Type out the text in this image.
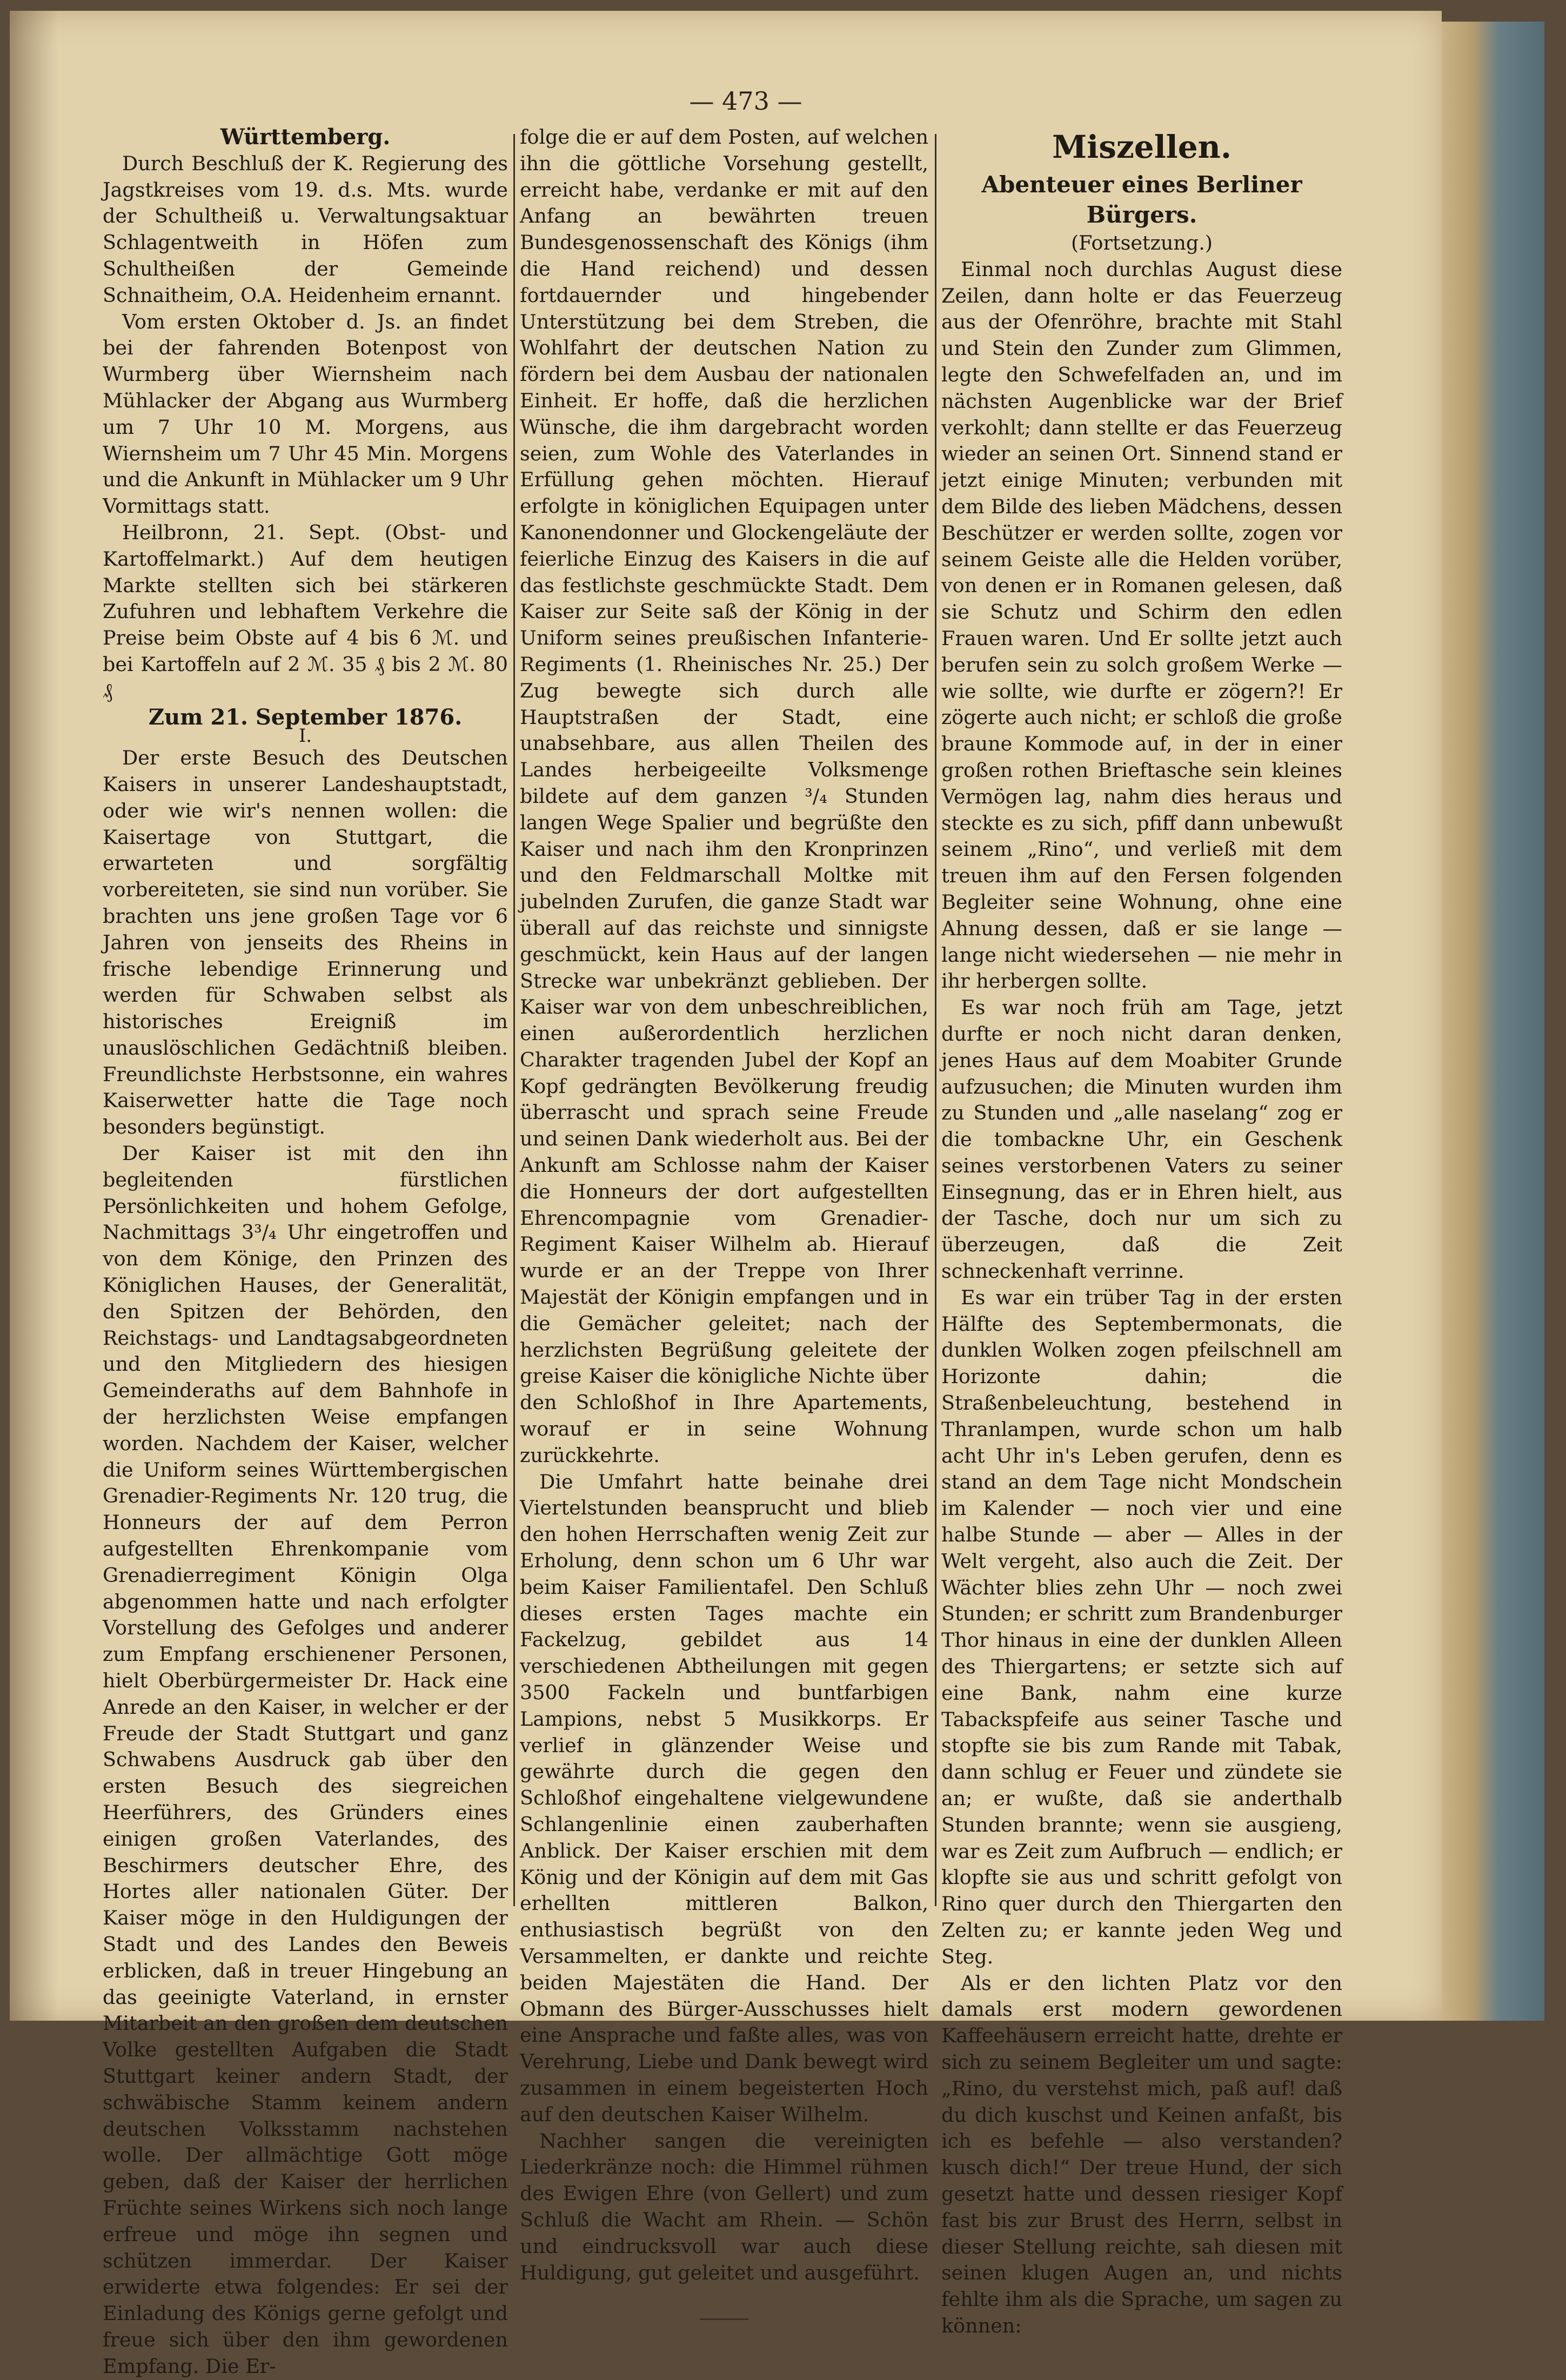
— 473 —

Württemberg.

Durch Beschluß der K. Regierung des Jagstkreises vom 19. d.s. Mts. wurde der Schultheiß u. Verwaltungsaktuar Schlagentweith in Höfen zum Schultheißen der Gemeinde Schnaitheim, O.A. Heidenheim ernannt.

Vom ersten Oktober d. Js. an findet bei der fahrenden Botenpost von Wurmberg über Wiernsheim nach Mühlacker der Abgang aus Wurmberg um 7 Uhr 10 M. Morgens, aus Wiernsheim um 7 Uhr 45 Min. Morgens und die Ankunft in Mühlacker um 9 Uhr Vormittags statt.

Heilbronn, 21. Sept. (Obst- und Kartoffelmarkt.) Auf dem heutigen Markte stellten sich bei stärkeren Zufuhren und lebhaftem Verkehre die Preise beim Obste auf 4 bis 6 ℳ. und bei Kartoffeln auf 2 ℳ. 35 ₰ bis 2 ℳ. 80 ₰

Zum 21. September 1876.

I.

Der erste Besuch des Deutschen Kaisers in unserer Landeshauptstadt, oder wie wir's nennen wollen: die Kaisertage von Stuttgart, die erwarteten und sorgfältig vorbereiteten, sie sind nun vorüber. Sie brachten uns jene großen Tage vor 6 Jahren von jenseits des Rheins in frische lebendige Erinnerung und werden für Schwaben selbst als historisches Ereigniß im unauslöschlichen Gedächtniß bleiben. Freundlichste Herbstsonne, ein wahres Kaiserwetter hatte die Tage noch besonders begünstigt.

Der Kaiser ist mit den ihn begleitenden fürstlichen Persönlichkeiten und hohem Gefolge, Nachmittags 3³/₄ Uhr eingetroffen und von dem Könige, den Prinzen des Königlichen Hauses, der Generalität, den Spitzen der Behörden, den Reichstags- und Landtagsabgeordneten und den Mitgliedern des hiesigen Gemeinderaths auf dem Bahnhofe in der herzlichsten Weise empfangen worden. Nachdem der Kaiser, welcher die Uniform seines Württembergischen Grenadier-Regiments Nr. 120 trug, die Honneurs der auf dem Perron aufgestellten Ehrenkompanie vom Grenadierregiment Königin Olga abgenommen hatte und nach erfolgter Vorstellung des Gefolges und anderer zum Empfang erschienener Personen, hielt Oberbürgermeister Dr. Hack eine Anrede an den Kaiser, in welcher er der Freude der Stadt Stuttgart und ganz Schwabens Ausdruck gab über den ersten Besuch des siegreichen Heerführers, des Gründers eines einigen großen Vaterlandes, des Beschirmers deutscher Ehre, des Hortes aller nationalen Güter. Der Kaiser möge in den Huldigungen der Stadt und des Landes den Beweis erblicken, daß in treuer Hingebung an das geeinigte Vaterland, in ernster Mitarbeit an den großen dem deutschen Volke gestellten Aufgaben die Stadt Stuttgart keiner andern Stadt, der schwäbische Stamm keinem andern deutschen Volksstamm nachstehen wolle. Der allmächtige Gott möge geben, daß der Kaiser der herrlichen Früchte seines Wirkens sich noch lange erfreue und möge ihn segnen und schützen immerdar. Der Kaiser erwiderte etwa folgendes: Er sei der Einladung des Königs gerne gefolgt und freue sich über den ihm gewordenen Empfang. Die Er-

folge die er auf dem Posten, auf welchen ihn die göttliche Vorsehung gestellt, erreicht habe, verdanke er mit auf den Anfang an bewährten treuen Bundesgenossenschaft des Königs (ihm die Hand reichend) und dessen fortdauernder und hingebender Unterstützung bei dem Streben, die Wohlfahrt der deutschen Nation zu fördern bei dem Ausbau der nationalen Einheit. Er hoffe, daß die herzlichen Wünsche, die ihm dargebracht worden seien, zum Wohle des Vaterlandes in Erfüllung gehen möchten. Hierauf erfolgte in königlichen Equipagen unter Kanonendonner und Glockengeläute der feierliche Einzug des Kaisers in die auf das festlichste geschmückte Stadt. Dem Kaiser zur Seite saß der König in der Uniform seines preußischen Infanterie-Regiments (1. Rheinisches Nr. 25.) Der Zug bewegte sich durch alle Hauptstraßen der Stadt, eine unabsehbare, aus allen Theilen des Landes herbeigeeilte Volksmenge bildete auf dem ganzen ³/₄ Stunden langen Wege Spalier und begrüßte den Kaiser und nach ihm den Kronprinzen und den Feldmarschall Moltke mit jubelnden Zurufen, die ganze Stadt war überall auf das reichste und sinnigste geschmückt, kein Haus auf der langen Strecke war unbekränzt geblieben. Der Kaiser war von dem unbeschreiblichen, einen außerordentlich herzlichen Charakter tragenden Jubel der Kopf an Kopf gedrängten Bevölkerung freudig überrascht und sprach seine Freude und seinen Dank wiederholt aus. Bei der Ankunft am Schlosse nahm der Kaiser die Honneurs der dort aufgestellten Ehrencompagnie vom Grenadier-Regiment Kaiser Wilhelm ab. Hierauf wurde er an der Treppe von Ihrer Majestät der Königin empfangen und in die Gemächer geleitet; nach der herzlichsten Begrüßung geleitete der greise Kaiser die königliche Nichte über den Schloßhof in Ihre Apartements, worauf er in seine Wohnung zurückkehrte.

Die Umfahrt hatte beinahe drei Viertelstunden beansprucht und blieb den hohen Herrschaften wenig Zeit zur Erholung, denn schon um 6 Uhr war beim Kaiser Familientafel. Den Schluß dieses ersten Tages machte ein Fackelzug, gebildet aus 14 verschiedenen Abtheilungen mit gegen 3500 Fackeln und buntfarbigen Lampions, nebst 5 Musikkorps. Er verlief in glänzender Weise und gewährte durch die gegen den Schloßhof eingehaltene vielgewundene Schlangenlinie einen zauberhaften Anblick. Der Kaiser erschien mit dem König und der Königin auf dem mit Gas erhellten mittleren Balkon, enthusiastisch begrüßt von den Versammelten, er dankte und reichte beiden Majestäten die Hand. Der Obmann des Bürger-Ausschusses hielt eine Ansprache und faßte alles, was von Verehrung, Liebe und Dank bewegt wird zusammen in einem begeisterten Hoch auf den deutschen Kaiser Wilhelm.

Nachher sangen die vereinigten Liederkränze noch: die Himmel rühmen des Ewigen Ehre (von Gellert) und zum Schluß die Wacht am Rhein. — Schön und eindrucksvoll war auch diese Huldigung, gut geleitet und ausgeführt.

Miszellen.

Abenteuer eines Berliner Bürgers.

(Fortsetzung.)

Einmal noch durchlas August diese Zeilen, dann holte er das Feuerzeug aus der Ofenröhre, brachte mit Stahl und Stein den Zunder zum Glimmen, legte den Schwefelfaden an, und im nächsten Augenblicke war der Brief verkohlt; dann stellte er das Feuerzeug wieder an seinen Ort. Sinnend stand er jetzt einige Minuten; verbunden mit dem Bilde des lieben Mädchens, dessen Beschützer er werden sollte, zogen vor seinem Geiste alle die Helden vorüber, von denen er in Romanen gelesen, daß sie Schutz und Schirm den edlen Frauen waren. Und Er sollte jetzt auch berufen sein zu solch großem Werke — wie sollte, wie durfte er zögern?! Er zögerte auch nicht; er schloß die große braune Kommode auf, in der in einer großen rothen Brieftasche sein kleines Vermögen lag, nahm dies heraus und steckte es zu sich, pfiff dann unbewußt seinem „Rino“, und verließ mit dem treuen ihm auf den Fersen folgenden Begleiter seine Wohnung, ohne eine Ahnung dessen, daß er sie lange — lange nicht wiedersehen — nie mehr in ihr herbergen sollte.

Es war noch früh am Tage, jetzt durfte er noch nicht daran denken, jenes Haus auf dem Moabiter Grunde aufzusuchen; die Minuten wurden ihm zu Stunden und „alle naselang“ zog er die tombackne Uhr, ein Geschenk seines verstorbenen Vaters zu seiner Einsegnung, das er in Ehren hielt, aus der Tasche, doch nur um sich zu überzeugen, daß die Zeit schneckenhaft verrinne.

Es war ein trüber Tag in der ersten Hälfte des Septembermonats, die dunklen Wolken zogen pfeilschnell am Horizonte dahin; die Straßenbeleuchtung, bestehend in Thranlampen, wurde schon um halb acht Uhr in's Leben gerufen, denn es stand an dem Tage nicht Mondschein im Kalender — noch vier und eine halbe Stunde — aber — Alles in der Welt vergeht, also auch die Zeit. Der Wächter blies zehn Uhr — noch zwei Stunden; er schritt zum Brandenburger Thor hinaus in eine der dunklen Alleen des Thiergartens; er setzte sich auf eine Bank, nahm eine kurze Tabackspfeife aus seiner Tasche und stopfte sie bis zum Rande mit Tabak, dann schlug er Feuer und zündete sie an; er wußte, daß sie anderthalb Stunden brannte; wenn sie ausgieng, war es Zeit zum Aufbruch — endlich; er klopfte sie aus und schritt gefolgt von Rino quer durch den Thiergarten den Zelten zu; er kannte jeden Weg und Steg.

Als er den lichten Platz vor den damals erst modern gewordenen Kaffeehäusern erreicht hatte, drehte er sich zu seinem Begleiter um und sagte: „Rino, du verstehst mich, paß auf! daß du dich kuschst und Keinen anfaßt, bis ich es befehle — also verstanden? kusch dich!“ Der treue Hund, der sich gesetzt hatte und dessen riesiger Kopf fast bis zur Brust des Herrn, selbst in dieser Stellung reichte, sah diesen mit seinen klugen Augen an, und nichts fehlte ihm als die Sprache, um sagen zu können:
